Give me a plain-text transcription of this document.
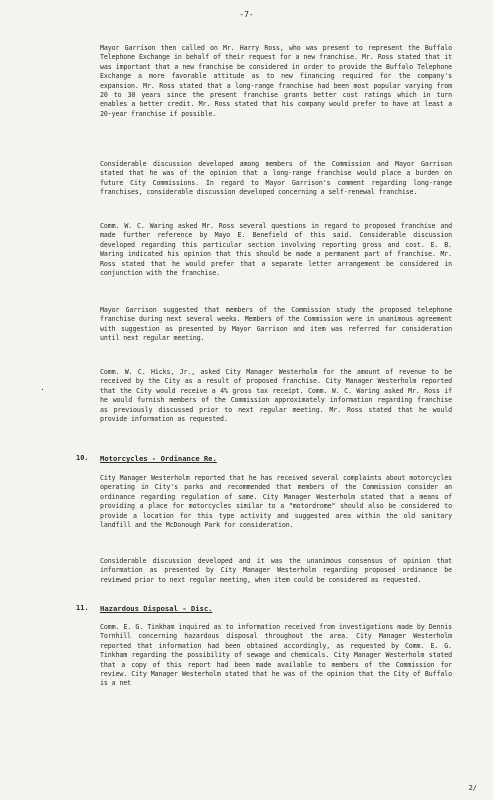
-7-

Mayor Garrison then called on Mr. Harry Ross, who was present to represent the Buffalo Telephone Exchange in behalf of their request for a new franchise. Mr. Ross stated that it was important that a new franchise be considered in order to provide the Buffalo Telephone Exchange a more favorable attitude as to new financing required for the company's expansion. Mr. Ross stated that a long-range franchise had been most popular varying from 20 to 30 years since the present franchise grants better cost ratings which in turn enables a better credit. Mr. Ross stated that his company would prefer to have at least a 20-year franchise if possible.

Considerable discussion developed among members of the Commission and Mayor Garrison stated that he was of the opinion that a long-range franchise would place a burden on future City Commissions. In regard to Mayor Garrison's comment regarding long-range franchises, considerable discussion developed concerning a self-renewal franchise.

Comm. W. C. Waring asked Mr. Ross several questions in regard to proposed franchise and made further reference by Mayo E. Benefield of this said. Considerable discussion developed regarding this particular section involving reporting gross and cost. E. B. Waring indicated his opinion that this should be made a permanent part of franchise. Mr. Ross stated that he would prefer that a separate letter arrangement be considered in conjunction with the franchise.

Mayor Garrison suggested that members of the Commission study the proposed telephone franchise during next several weeks. Members of the Commission were in unanimous agreement with suggestion as presented by Mayor Garrison and item was referred for consideration until next regular meeting.

Comm. W. C. Hicks, Jr., asked City Manager Westerholm for the amount of revenue to be received by the City as a result of proposed franchise. City Manager Westerholm reported that the City would receive a 4% gross tax receipt. Comm. W. C. Waring asked Mr. Ross if he would furnish members of the Commission approximately information regarding franchise as previously discussed prior to next regular meeting. Mr. Ross stated that he would provide information as requested.

.
10. Motorcycles - Ordinance Re.

City Manager Westerholm reported that he has received several complaints about motorcycles operating in City's parks and recommended that members of the Commission consider an ordinance regarding regulation of same. City Manager Westerholm stated that a means of providing a place for motorcycles similar to a "motordrome" should also be considered to provide a location for this type activity and suggested area within the old sanitary landfill and the McDonough Park for consideration.

Considerable discussion developed and it was the unanimous consensus of opinion that information as presented by City Manager Westerholm regarding proposed ordinance be reviewed prior to next regular meeting, when item could be considered as requested.

11. Hazardous Disposal - Disc.

Comm. E. G. Tinkham inquired as to information received from investigations made by Dennis Tornhill concerning hazardous disposal throughout the area. City Manager Westerholm reported that information had been obtained accordingly, as requested by Comm. E. G. Tinkham regarding the possibility of sewage and chemicals. City Manager Westerholm stated that a copy of this report had been made available to members of the Commission for review. City Manager Westerholm stated that he was of the opinion that the City of Buffalo is a net

2/
